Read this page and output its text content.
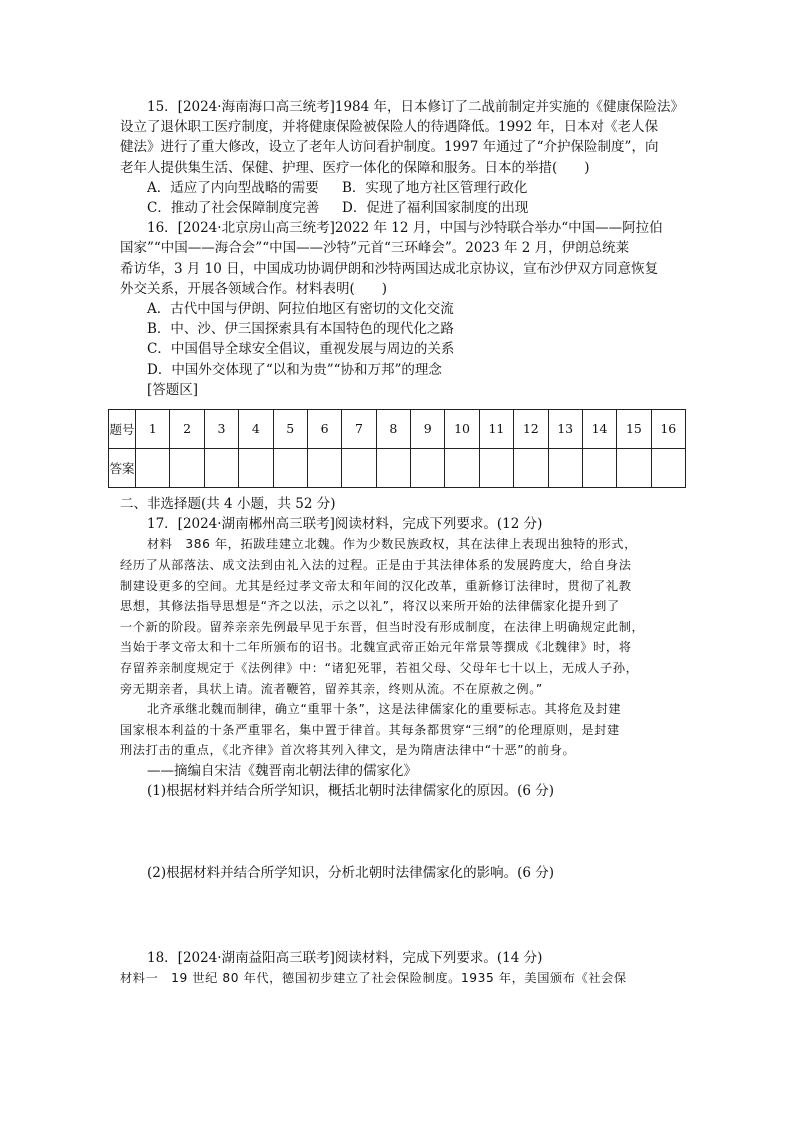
15．[2024·海南海口高三统考]1984 年，日本修订了二战前制定并实施的《健康保险法》

设立了退休职工医疗制度，并将健康保险被保险人的待遇降低。1992 年，日本对《老人保

健法》进行了重大修改，设立了老年人访问看护制度。1997 年通过了“介护保险制度”，向

老年人提供集生活、保健、护理、医疗一体化的保障和服务。日本的举措(　　)

A．适应了内向型战略的需要	B．实现了地方社区管理行政化
C．推动了社会保障制度完善	D．促进了福利国家制度的出现

16．[2024·北京房山高三统考]2022 年 12 月，中国与沙特联合举办“中国——阿拉伯

国家”“中国——海合会”“中国——沙特”元首“三环峰会”。2023 年 2 月，伊朗总统莱

希访华，3 月 10 日，中国成功协调伊朗和沙特两国达成北京协议，宣布沙伊双方同意恢复

外交关系，开展各领域合作。材料表明(　　)

A．古代中国与伊朗、阿拉伯地区有密切的文化交流

B．中、沙、伊三国探索具有本国特色的现代化之路

C．中国倡导全球安全倡议，重视发展与周边的关系

D．中国外交体现了“以和为贵”“协和万邦”的理念

[答题区]

题号	1	2	3	4	5	6	7	8	9	10	11	12	13	14	15	16
答案																

二、非选择题(共 4 小题，共 52 分)

17．[2024·湖南郴州高三联考]阅读材料，完成下列要求。(12 分)

材料　386 年，拓跋珪建立北魏。作为少数民族政权，其在法律上表现出独特的形式，

经历了从部落法、成文法到由礼入法的过程。正是由于其法律体系的发展跨度大，给自身法

制建设更多的空间。尤其是经过孝文帝太和年间的汉化改革，重新修订法律时，贯彻了礼教

思想，其修法指导思想是“齐之以法，示之以礼”，将汉以来所开始的法律儒家化提升到了

一个新的阶段。留养亲亲先例最早见于东晋，但当时没有形成制度，在法律上明确规定此制，

当始于孝文帝太和十二年所颁布的诏书。北魏宣武帝正始元年常景等撰成《北魏律》时，将

存留养亲制度规定于《法例律》中：“诸犯死罪，若祖父母、父母年七十以上，无成人子孙，

旁无期亲者，具状上请。流者鞭笞，留养其亲，终则从流。不在原赦之例。”

北齐承继北魏而制律，确立“重罪十条”，这是法律儒家化的重要标志。其将危及封建

国家根本利益的十条严重罪名，集中置于律首。其每条都贯穿“三纲”的伦理原则，是封建

刑法打击的重点，《北齐律》首次将其列入律文，是为隋唐法律中“十恶”的前身。

——摘编自宋洁《魏晋南北朝法律的儒家化》

(1)根据材料并结合所学知识，概括北朝时法律儒家化的原因。(6 分)

(2)根据材料并结合所学知识，分析北朝时法律儒家化的影响。(6 分)

18．[2024·湖南益阳高三联考]阅读材料，完成下列要求。(14 分)

材料一　19 世纪 80 年代，德国初步建立了社会保险制度。1935 年，美国颁布《社会保
